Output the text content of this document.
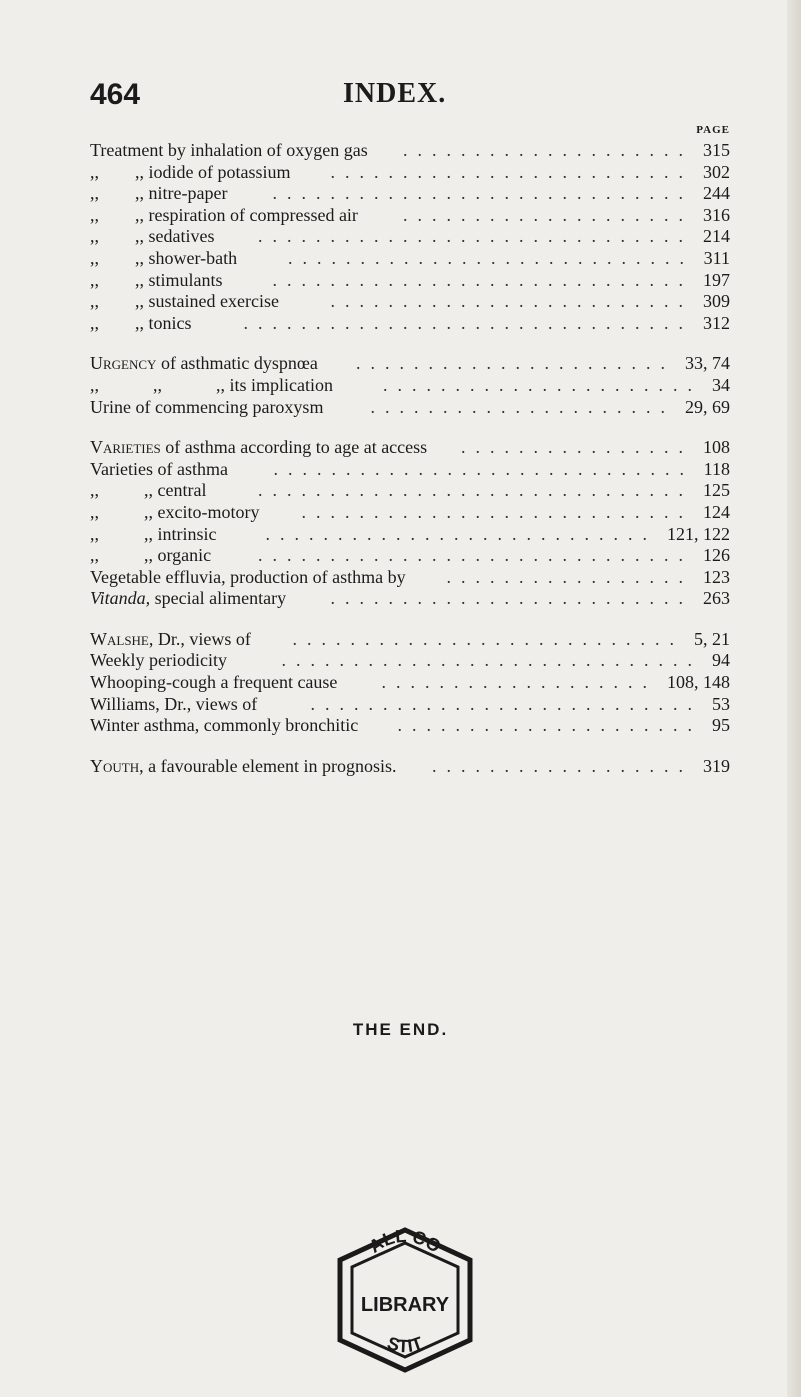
464	INDEX.
PAGE
Treatment by inhalation of oxygen gas	.................... 315
,,        ,, iodide of potassium	......................... 302
,,        ,, nitre-paper	............................. 244
,,        ,, respiration of compressed air	.................... 316
,,        ,, sedatives	.............................. 214
,,        ,, shower-bath	............................ 311
,,        ,, stimulants	............................. 197
,,        ,, sustained exercise	......................... 309
,,        ,, tonics	............................... 312
Urgency of asthmatic dyspnœa	...................... 33, 74
,,            ,,            ,, its implication	...................... 34
Urine of commencing paroxysm	..................... 29, 69
Varieties of asthma according to age at access	................ 108
Varieties of asthma	............................. 118
,,          ,, central	.............................. 125
,,          ,, excito-motory	........................... 124
,,          ,, intrinsic	........................... 121, 122
,,          ,, organic	.............................. 126
Vegetable effluvia, production of asthma by	................. 123
Vitanda, special alimentary	......................... 263
Walshe, Dr., views of	........................... 5, 21
Weekly periodicity	............................. 94
Whooping-cough a frequent cause	................... 108, 148
Williams, Dr., views of	........................... 53
Winter asthma, commonly bronchitic	..................... 95
Youth, a favourable element in prognosis.	.................. 319
THE END.
ALL CO
LIBRARY
STIT
